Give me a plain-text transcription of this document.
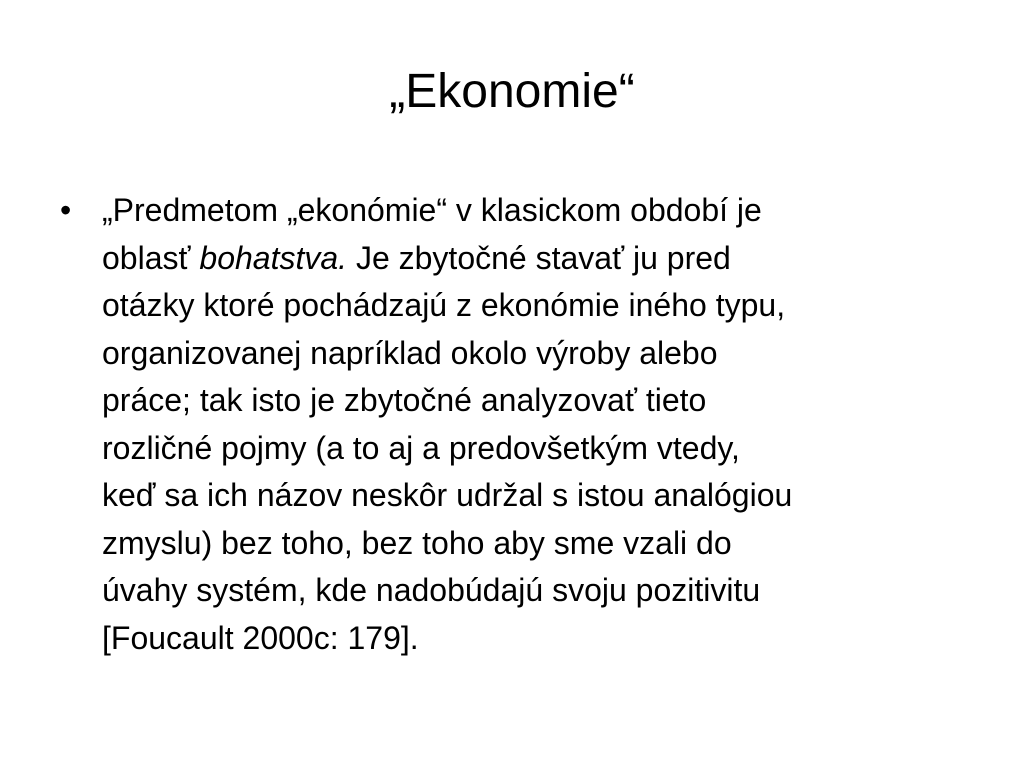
„Ekonomie“
• „Predmetom „ekonómie“ v klasickom období je
oblasť bohatstva. Je zbytočné stavať ju pred
otázky ktoré pochádzajú z ekonómie iného typu,
organizovanej napríklad okolo výroby alebo
práce; tak isto je zbytočné analyzovať tieto
rozličné pojmy (a to aj a predovšetkým vtedy,
keď sa ich názov neskôr udržal s istou analógiou
zmyslu) bez toho, bez toho aby sme vzali do
úvahy systém, kde nadobúdajú svoju pozitivitu
[Foucault 2000c: 179].
